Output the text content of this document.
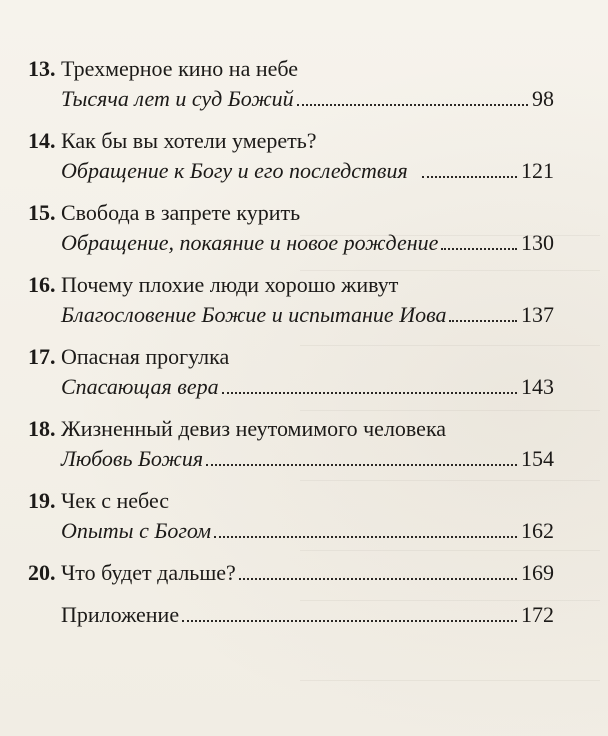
13. Трехмерное кино на небе
Тысяча лет и суд Божий	98
14. Как бы вы хотели умереть?
Обращение к Богу и его последствия	121
15. Свобода в запрете курить
Обращение, покаяние и новое рождение	130
16. Почему плохие люди хорошо живут
Благословение Божие и испытание Иова	137
17. Опасная прогулка
Спасающая вера	143
18. Жизненный девиз неутомимого человека
Любовь Божия	154
19. Чек с небес
Опыты с Богом	162
20. Что будет дальше?	169
Приложение	172
